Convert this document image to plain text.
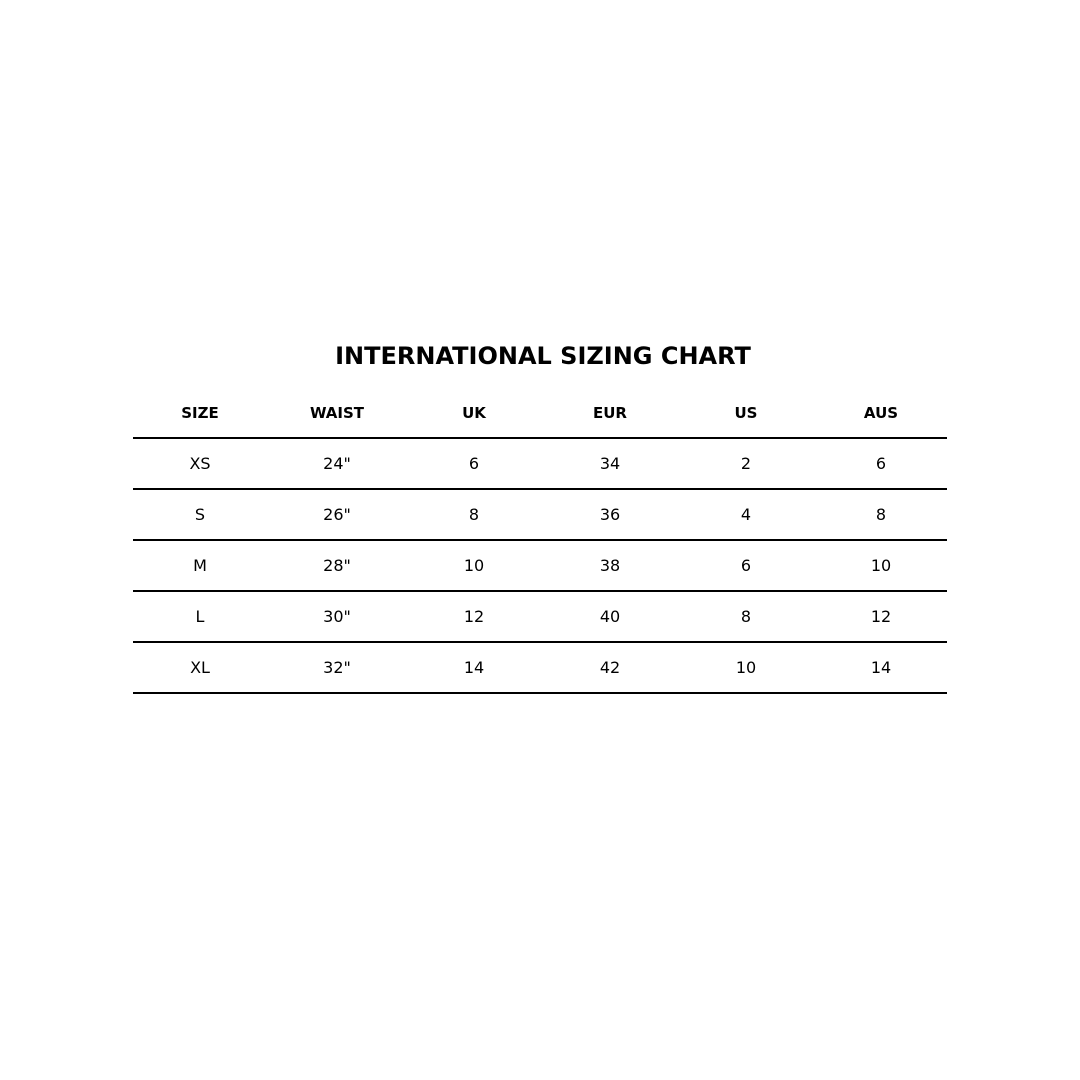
INTERNATIONAL SIZING CHART
SIZE	WAIST	UK	EUR	US	AUS
XS	24"	6	34	2	6
S	26"	8	36	4	8
M	28"	10	38	6	10
L	30"	12	40	8	12
XL	32"	14	42	10	14
